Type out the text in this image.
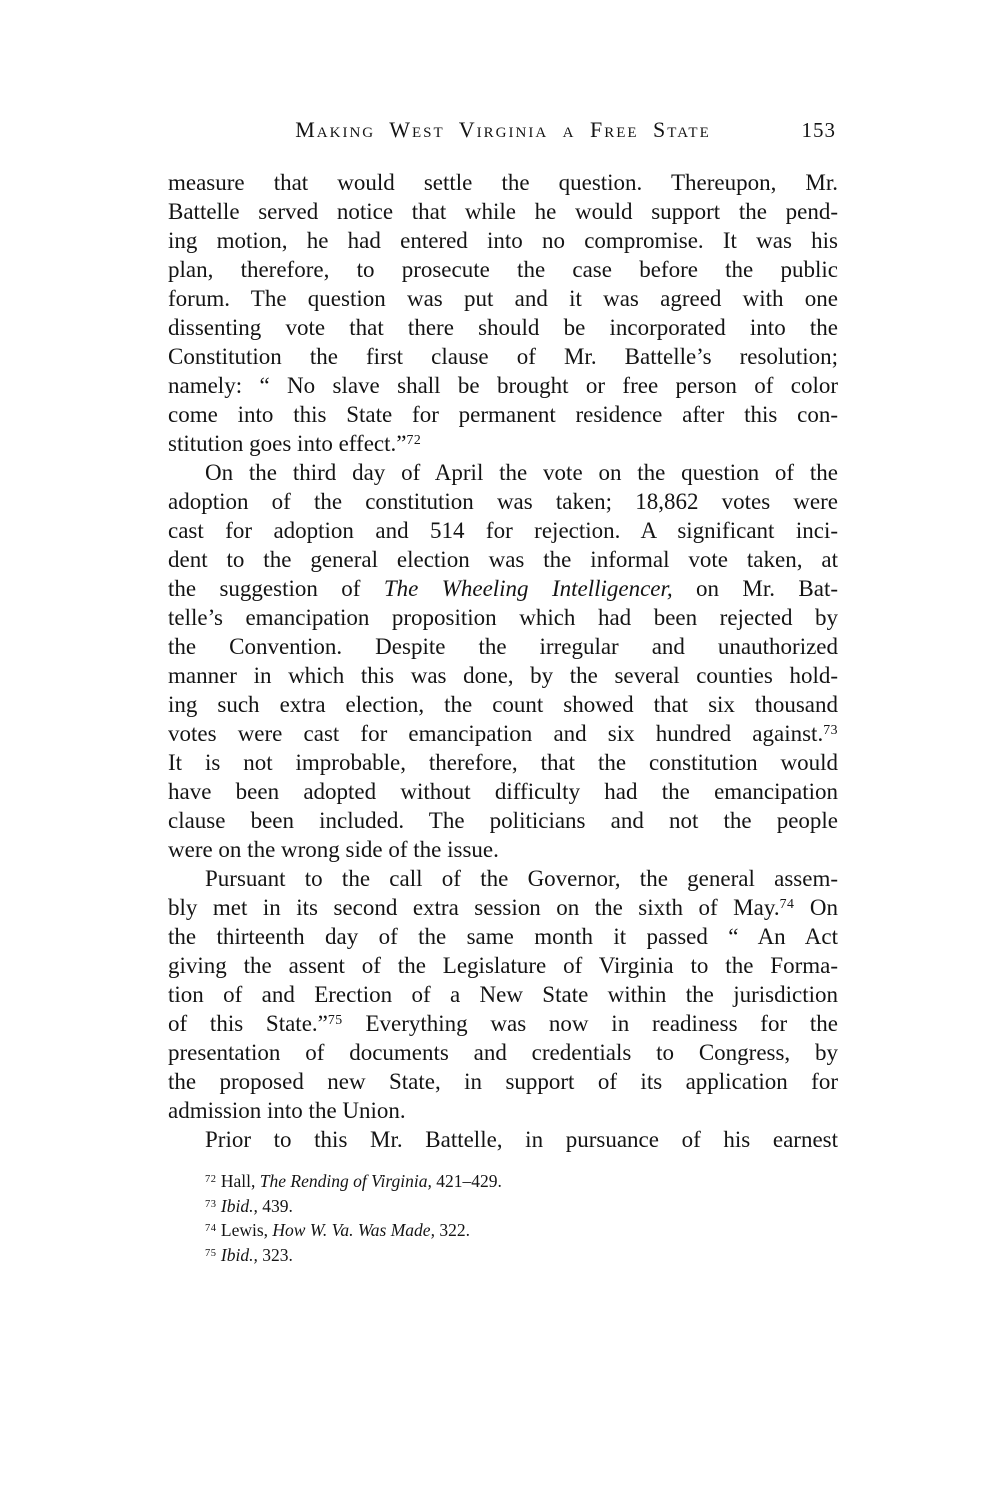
Making West Virginia a Free State	153
measure that would settle the question. Thereupon, Mr.
Battelle served notice that while he would support the pend-
ing motion, he had entered into no compromise. It was his
plan, therefore, to prosecute the case before the public
forum. The question was put and it was agreed with one
dissenting vote that there should be incorporated into the
Constitution the first clause of Mr. Battelle’s resolution;
namely: “ No slave shall be brought or free person of color
come into this State for permanent residence after this con-
stitution goes into effect.”$^{72}$
On the third day of April the vote on the question of the
adoption of the constitution was taken; 18,862 votes were
cast for adoption and 514 for rejection. A significant inci-
dent to the general election was the informal vote taken, at
the suggestion of The Wheeling Intelligencer, on Mr. Bat-
telle’s emancipation proposition which had been rejected by
the Convention. Despite the irregular and unauthorized
manner in which this was done, by the several counties hold-
ing such extra election, the count showed that six thousand
votes were cast for emancipation and six hundred against.$^{73}$
It is not improbable, therefore, that the constitution would
have been adopted without difficulty had the emancipation
clause been included. The politicians and not the people
were on the wrong side of the issue.
Pursuant to the call of the Governor, the general assem-
bly met in its second extra session on the sixth of May.$^{74}$ On
the thirteenth day of the same month it passed “ An Act
giving the assent of the Legislature of Virginia to the Forma-
tion of and Erection of a New State within the jurisdiction
of this State.”$^{75}$ Everything was now in readiness for the
presentation of documents and credentials to Congress, by
the proposed new State, in support of its application for
admission into the Union.
Prior to this Mr. Battelle, in pursuance of his earnest
$^{72}$ Hall, The Rending of Virginia, 421–429.
$^{73}$ Ibid., 439.
$^{74}$ Lewis, How W. Va. Was Made, 322.
$^{75}$ Ibid., 323.
